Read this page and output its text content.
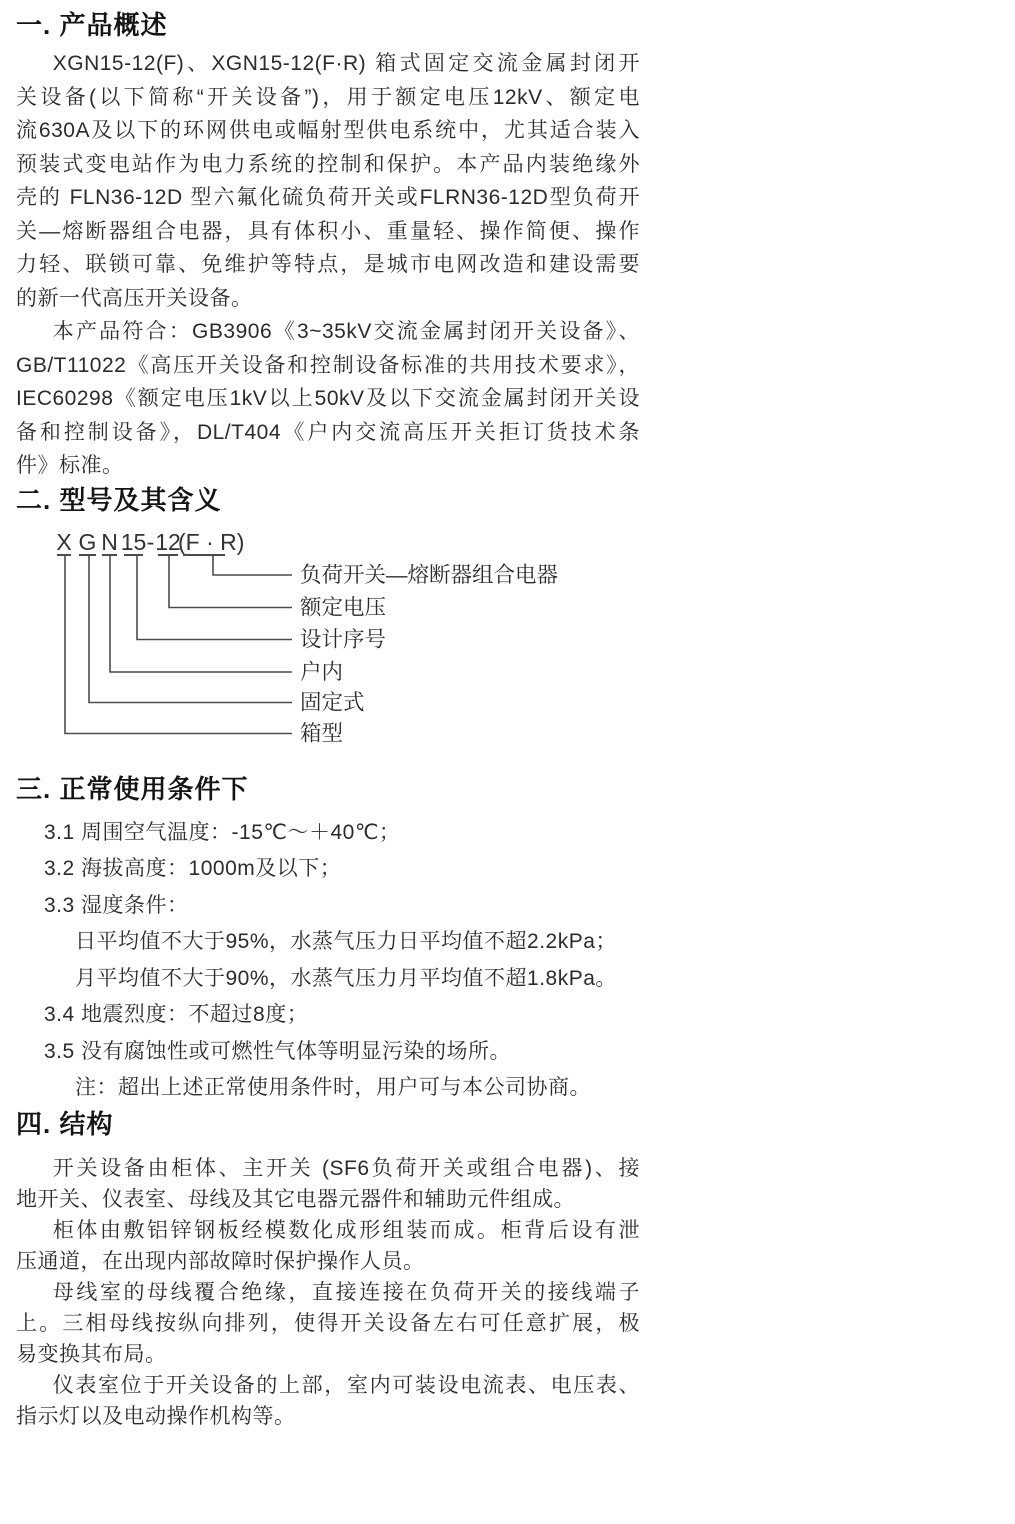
一. 产品概述
XGN15-12(F)、XGN15-12(F·R) 箱式固定交流金属封闭开
关设备(以下简称“开关设备”)，用于额定电压12kV、额定电
流630A及以下的环网供电或幅射型供电系统中，尤其适合装入
预装式变电站作为电力系统的控制和保护。本产品内装绝缘外
壳的 FLN36-12D 型六氟化硫负荷开关或FLRN36-12D型负荷开
关—熔断器组合电器，具有体积小、重量轻、操作简便、操作
力轻、联锁可靠、免维护等特点，是城市电网改造和建设需要
的新一代高压开关设备。
本产品符合：GB3906《3~35kV交流金属封闭开关设备》、
GB/T11022《高压开关设备和控制设备标准的共用技术要求》，
IEC60298《额定电压1kV以上50kV及以下交流金属封闭开关设
备和控制设备》，DL/T404《户内交流高压开关拒订货技术条
件》标准。
二. 型号及其含义
(F · R)
负荷开关—熔断器组合电器
12
额定电压
15
设计序号
N
户内
G
固定式
X
箱型
-
三. 正常使用条件下
3.1 周围空气温度：-15℃～＋40℃；
3.2 海拔高度：1000m及以下；
3.3 湿度条件：
日平均值不大于95%，水蒸气压力日平均值不超2.2kPa；
月平均值不大于90%，水蒸气压力月平均值不超1.8kPa。
3.4 地震烈度：不超过8度；
3.5 没有腐蚀性或可燃性气体等明显污染的场所。
注：超出上述正常使用条件时，用户可与本公司协商。
四. 结构
开关设备由柜体、主开关 (SF6负荷开关或组合电器)、接
地开关、仪表室、母线及其它电器元器件和辅助元件组成。
柜体由敷铝锌钢板经模数化成形组装而成。柜背后设有泄
压通道，在出现内部故障时保护操作人员。
母线室的母线覆合绝缘，直接连接在负荷开关的接线端子
上。三相母线按纵向排列，使得开关设备左右可任意扩展，极
易变换其布局。
仪表室位于开关设备的上部，室内可装设电流表、电压表、
指示灯以及电动操作机构等。
